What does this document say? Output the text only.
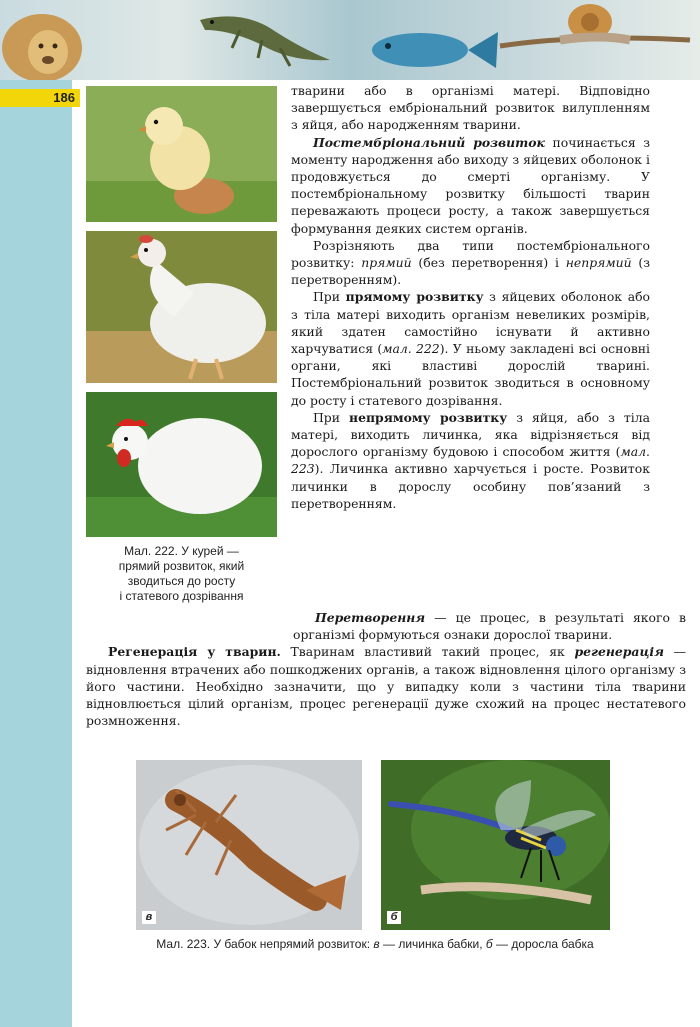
186
Мал. 222. У курей —
прямий розвиток, який
зводиться до росту
і статевого дозрівання

тварини або в організмі матері. Відповідно завершується ембріональний розвиток вилупленням з яйця, або народженням тварини.

Постембріональний розвиток починається з моменту народження або виходу з яйцевих оболонок і продовжується до смерті організму. У постембріональному розвитку більшості тварин переважають процеси росту, а також завершується формування деяких систем органів.

Розрізняють два типи постембріонального розвитку: прямий (без перетворення) і непрямий (з перетворенням).

При прямому розвитку з яйцевих оболонок або з тіла матері виходить організм невеликих розмірів, який здатен самостійно існувати й активно харчуватися (мал. 222). У ньому закладені всі основні органи, які властиві дорослій тварині. Постембріональний розвиток зводиться в основному до росту і статевого дозрівання.

При непрямому розвитку з яйця, або з тіла матері, виходить личинка, яка відрізняється від дорослого організму будовою і способом життя (мал. 223). Личинка активно харчується і росте. Розвиток личинки в дорослу особину пов’язаний з перетворенням.

Перетворення — це процес, в результаті якого в організмі формуються ознаки дорослої тварини.

Регенерація у тварин. Тваринам властивий такий процес, як регенерація — відновлення втрачених або пошкоджених органів, а також відновлення цілого організму з його частини. Необхідно зазначити, що у випадку коли з частини тіла тварини відновлюється цілий організм, процес регенерації дуже схожий на процес нестатевого розмноження.

в	б
Мал. 223. У бабок непрямий розвиток: в — личинка бабки, б — доросла бабка
